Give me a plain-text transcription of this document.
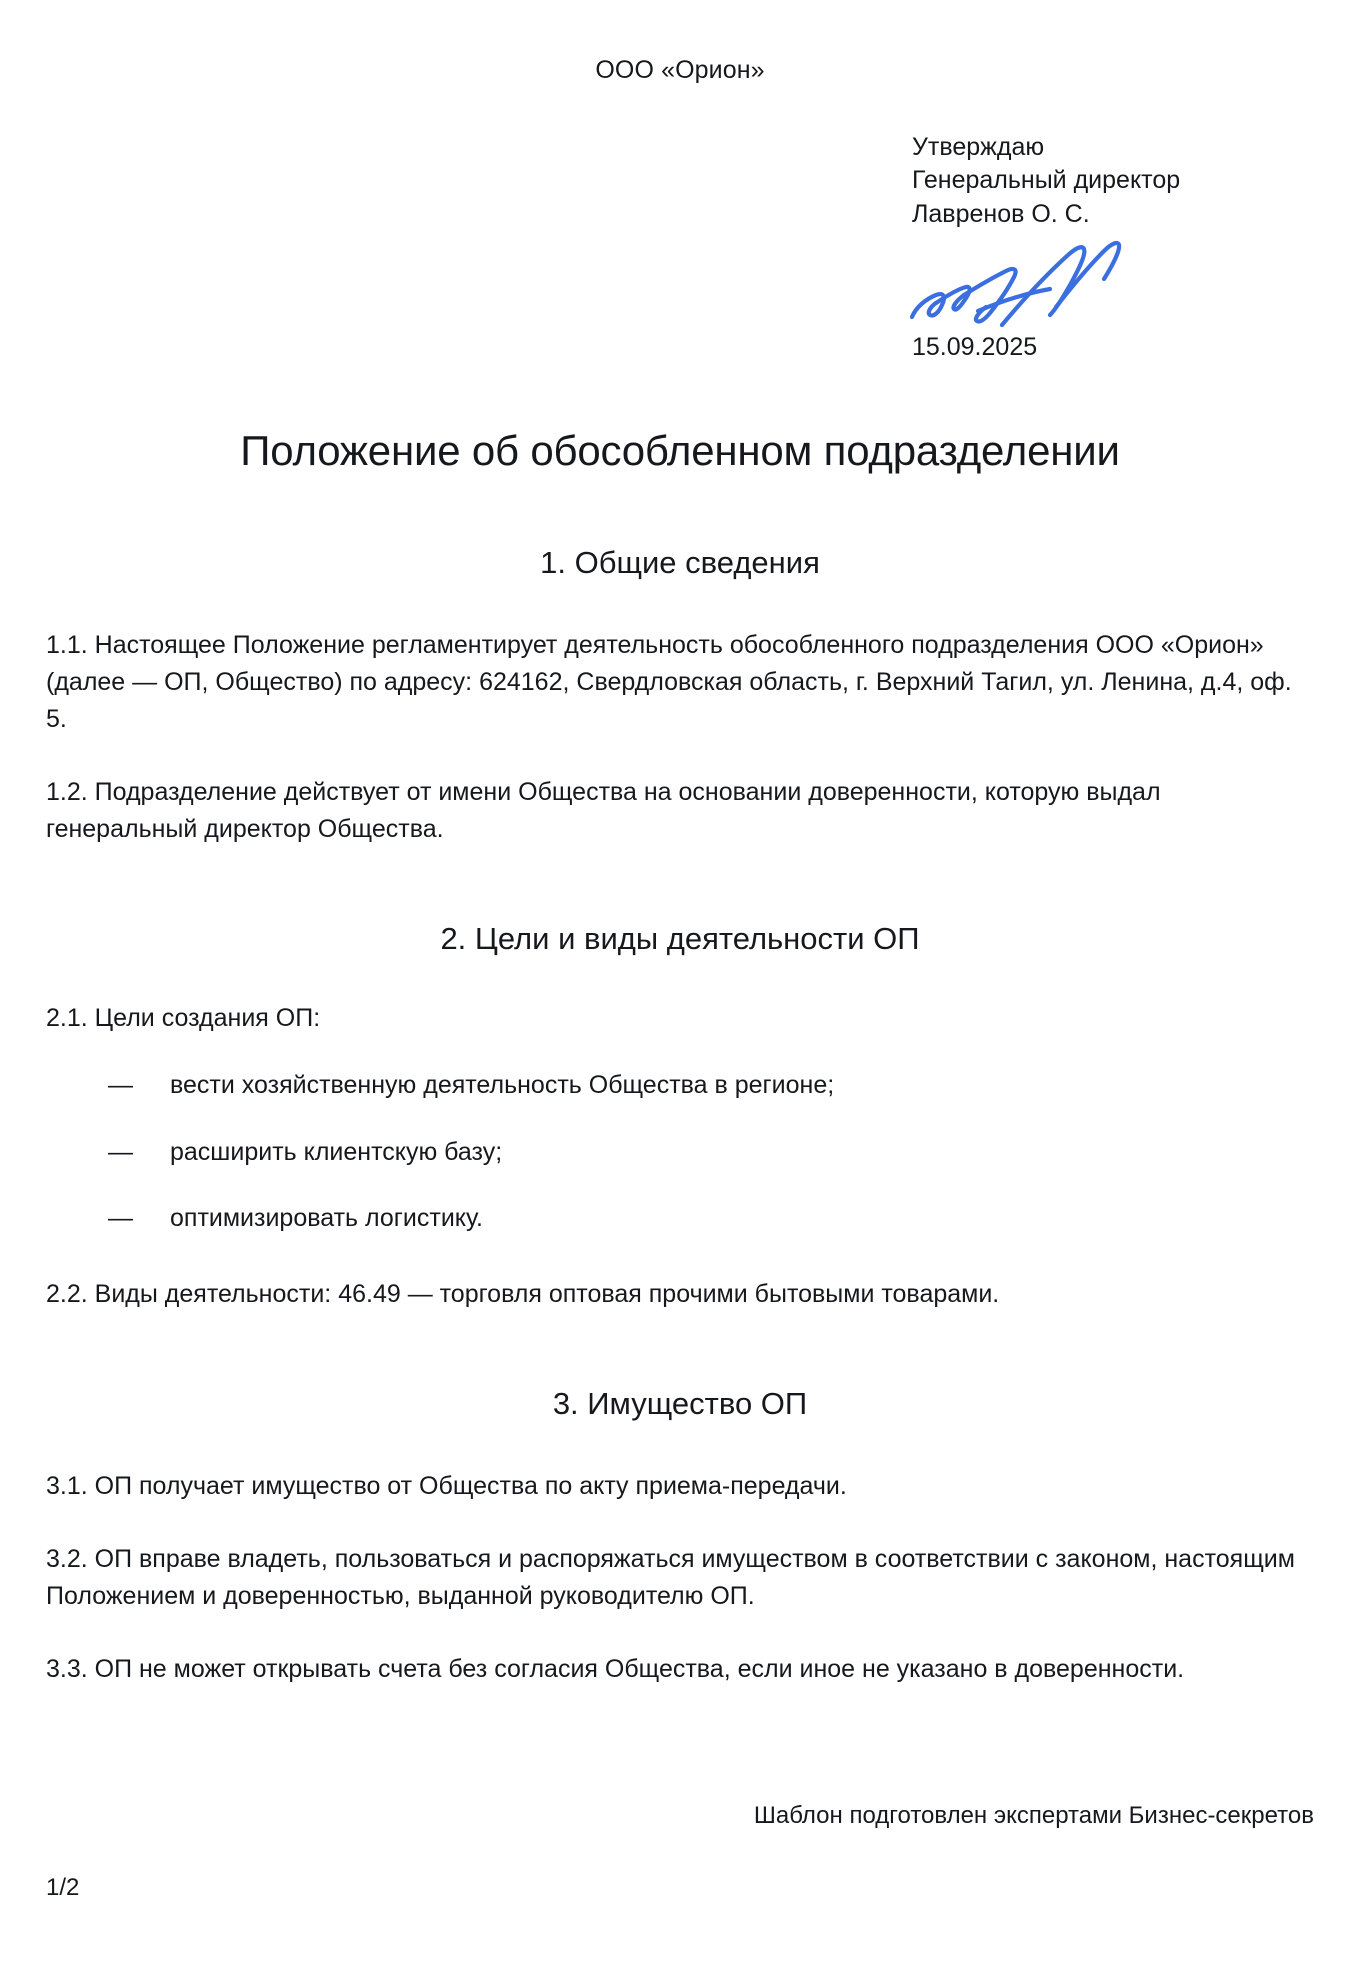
ООО «Орион»
Утверждаю
Генеральный директор
Лавренов О. С.
15.09.2025
Положение об обособленном подразделении
1. Общие сведения

1.1. Настоящее Положение регламентирует деятельность обособленного подразделения ООО «Орион» (далее — ОП, Общество) по адресу: 624162, Свердловская область, г. Верхний Тагил, ул. Ленина, д.4, оф. 5.

1.2. Подразделение действует от имени Общества на основании доверенности, которую выдал генеральный директор Общества.

2. Цели и виды деятельности ОП

2.1. Цели создания ОП:

—	вести хозяйственную деятельность Общества в регионе;
—	расширить клиентскую базу;
—	оптимизировать логистику.

2.2. Виды деятельности: 46.49 — торговля оптовая прочими бытовыми товарами.

3. Имущество ОП

3.1. ОП получает имущество от Общества по акту приема-передачи.

3.2. ОП вправе владеть, пользоваться и распоряжаться имуществом в соответствии с законом, настоящим Положением и доверенностью, выданной руководителю ОП.

3.3. ОП не может открывать счета без согласия Общества, если иное не указано в доверенности.

Шаблон подготовлен экспертами Бизнес-секретов
1/2
